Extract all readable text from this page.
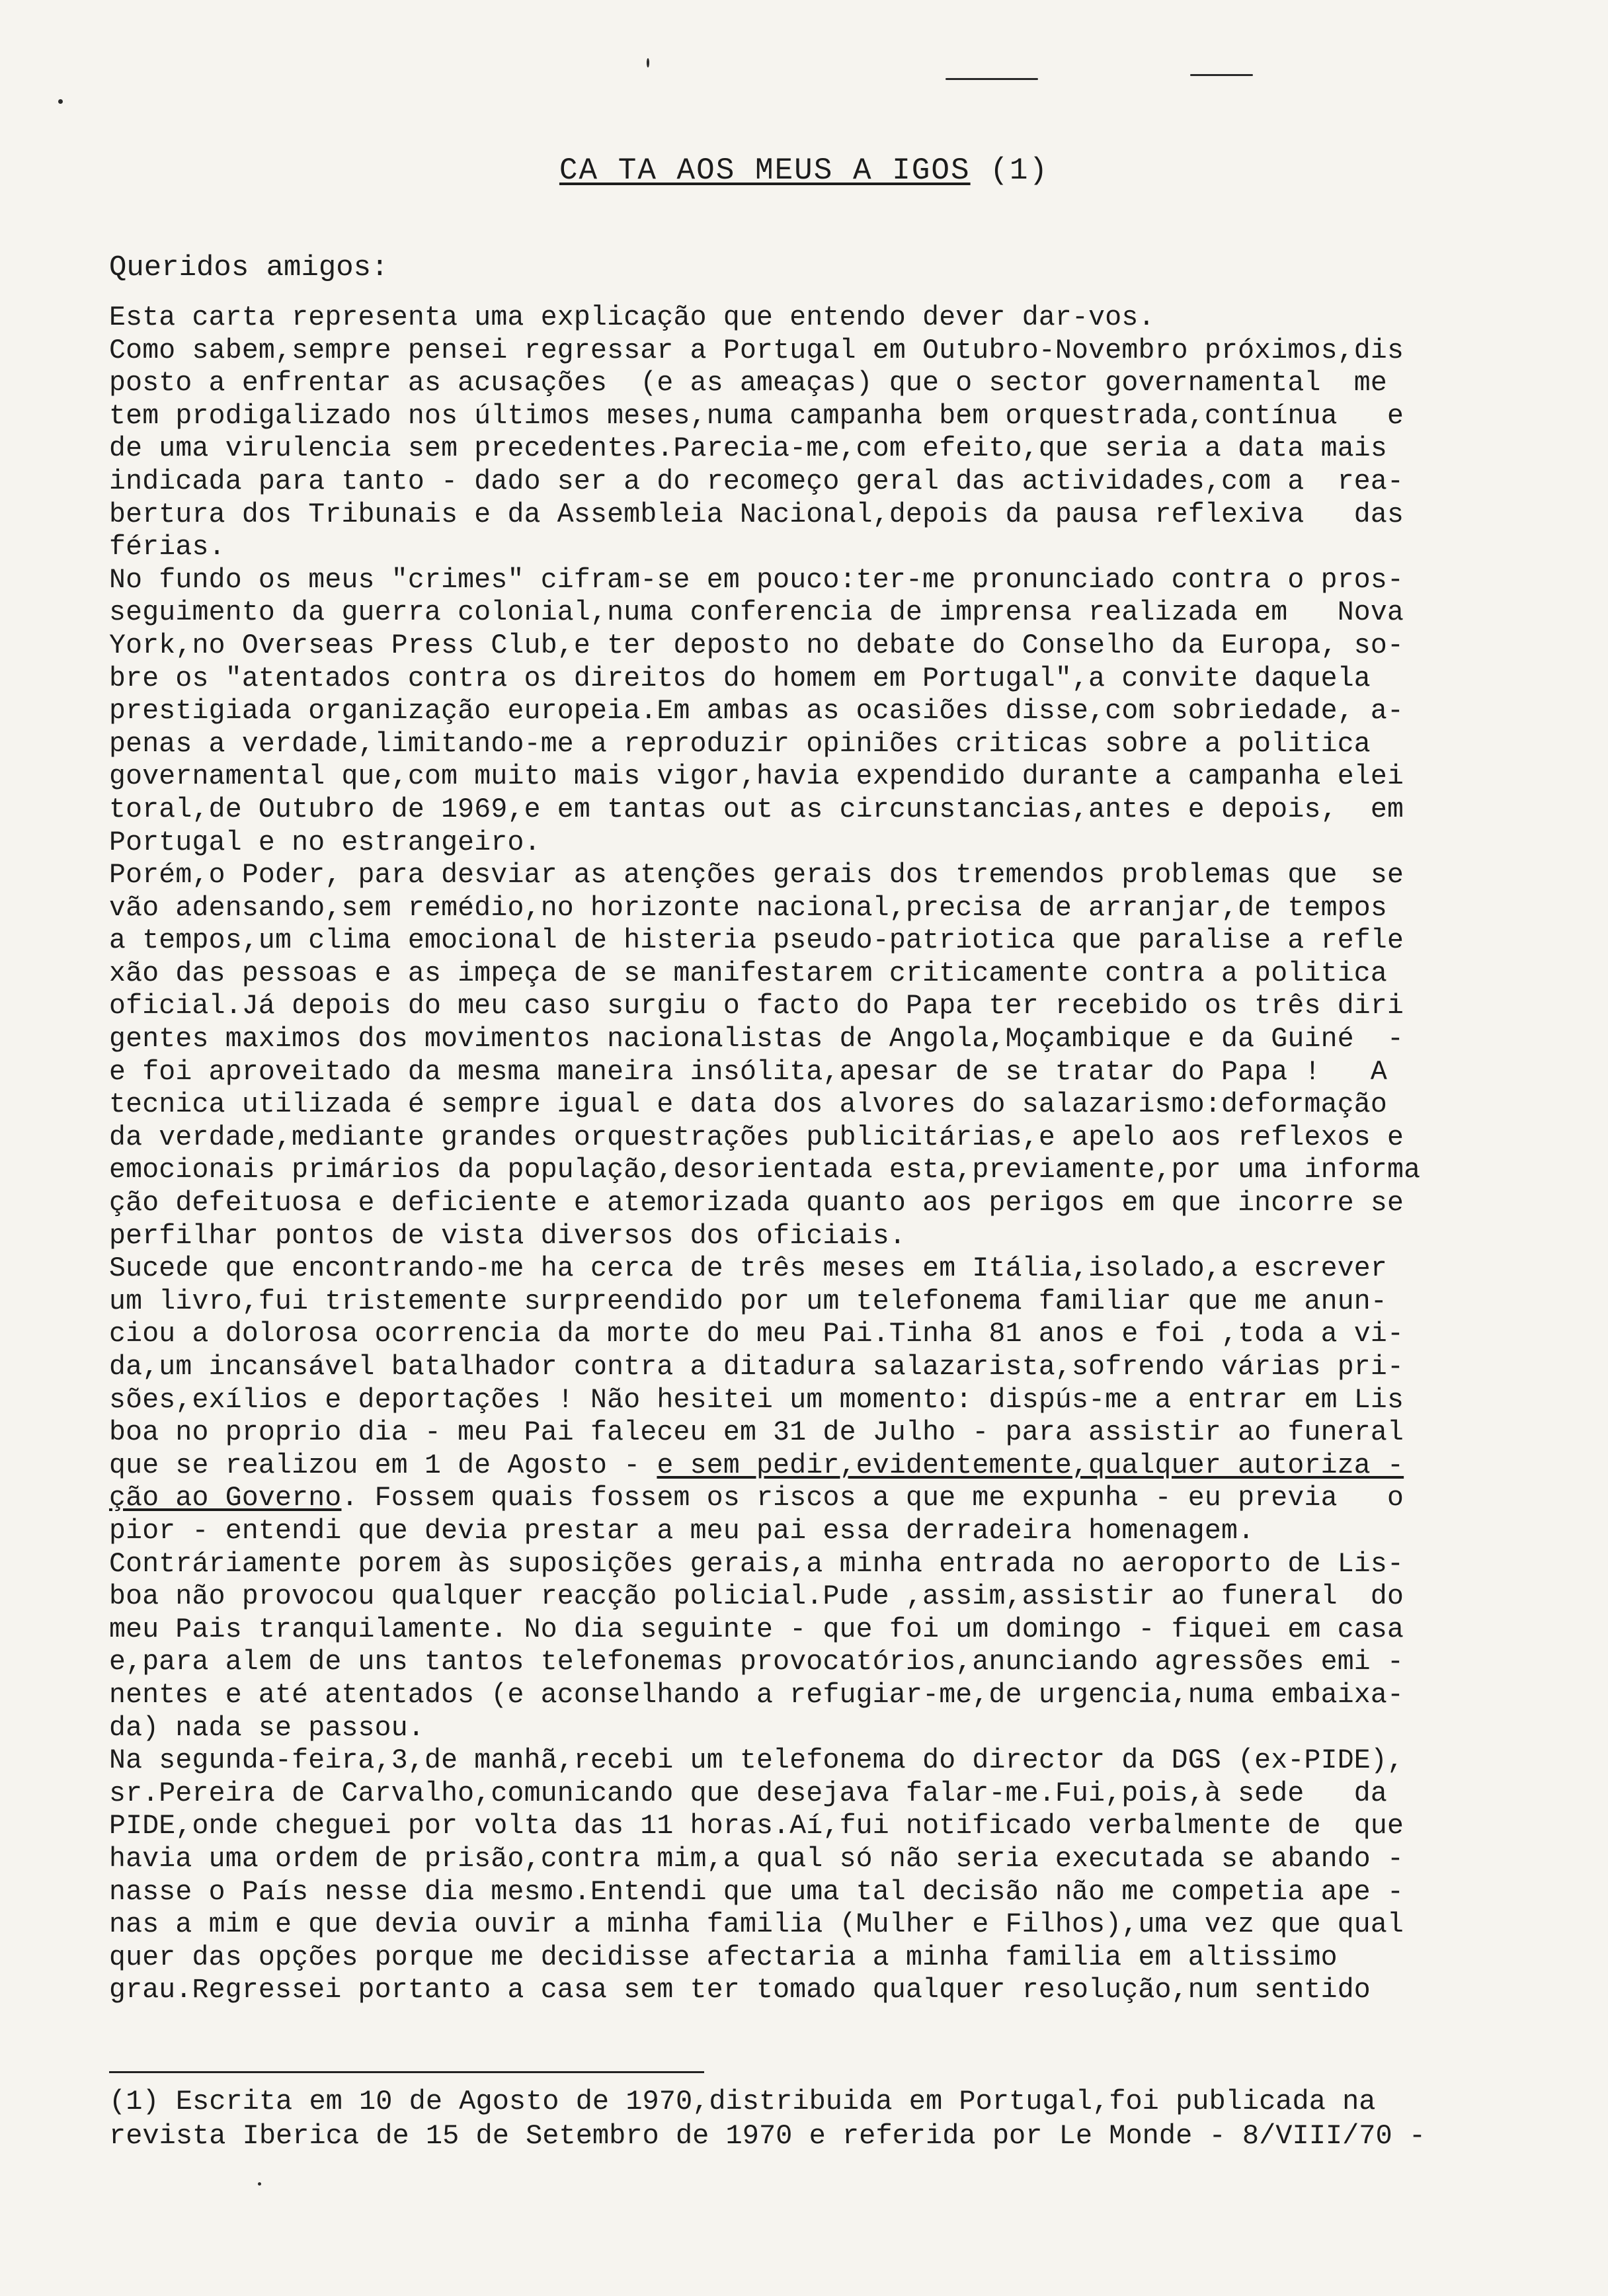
CA TA AOS MEUS A IGOS (1)
Queridos amigos:
Esta carta representa uma explicação que entendo dever dar-vos.
Como sabem,sempre pensei regressar a Portugal em Outubro-Novembro próximos,dis
posto a enfrentar as acusações  (e as ameaças) que o sector governamental  me
tem prodigalizado nos últimos meses,numa campanha bem orquestrada,contínua   e
de uma virulencia sem precedentes.Parecia-me,com efeito,que seria a data mais
indicada para tanto - dado ser a do recomeço geral das actividades,com a  rea-
bertura dos Tribunais e da Assembleia Nacional,depois da pausa reflexiva   das
férias.
No fundo os meus "crimes" cifram-se em pouco:ter-me pronunciado contra o pros-
seguimento da guerra colonial,numa conferencia de imprensa realizada em   Nova
York,no Overseas Press Club,e ter deposto no debate do Conselho da Europa, so-
bre os "atentados contra os direitos do homem em Portugal",a convite daquela
prestigiada organização europeia.Em ambas as ocasiões disse,com sobriedade, a-
penas a verdade,limitando-me a reproduzir opiniões criticas sobre a politica
governamental que,com muito mais vigor,havia expendido durante a campanha elei
toral,de Outubro de 1969,e em tantas out as circunstancias,antes e depois,  em
Portugal e no estrangeiro.
Porém,o Poder, para desviar as atenções gerais dos tremendos problemas que  se
vão adensando,sem remédio,no horizonte nacional,precisa de arranjar,de tempos
a tempos,um clima emocional de histeria pseudo-patriotica que paralise a refle
xão das pessoas e as impeça de se manifestarem criticamente contra a politica
oficial.Já depois do meu caso surgiu o facto do Papa ter recebido os três diri
gentes maximos dos movimentos nacionalistas de Angola,Moçambique e da Guiné  -
e foi aproveitado da mesma maneira insólita,apesar de se tratar do Papa !   A
tecnica utilizada é sempre igual e data dos alvores do salazarismo:deformação
da verdade,mediante grandes orquestrações publicitárias,e apelo aos reflexos e
emocionais primários da população,desorientada esta,previamente,por uma informa
ção defeituosa e deficiente e atemorizada quanto aos perigos em que incorre se
perfilhar pontos de vista diversos dos oficiais.
Sucede que encontrando-me ha cerca de três meses em Itália,isolado,a escrever
um livro,fui tristemente surpreendido por um telefonema familiar que me anun-
ciou a dolorosa ocorrencia da morte do meu Pai.Tinha 81 anos e foi ,toda a vi-
da,um incansável batalhador contra a ditadura salazarista,sofrendo várias pri-
sões,exílios e deportações ! Não hesitei um momento: dispús-me a entrar em Lis
boa no proprio dia - meu Pai faleceu em 31 de Julho - para assistir ao funeral
que se realizou em 1 de Agosto - e sem pedir,evidentemente,qualquer autoriza -
ção ao Governo. Fossem quais fossem os riscos a que me expunha - eu previa   o
pior - entendi que devia prestar a meu pai essa derradeira homenagem.
Contráriamente porem às suposições gerais,a minha entrada no aeroporto de Lis-
boa não provocou qualquer reacção policial.Pude ,assim,assistir ao funeral  do
meu Pais tranquilamente. No dia seguinte - que foi um domingo - fiquei em casa
e,para alem de uns tantos telefonemas provocatórios,anunciando agressões emi -
nentes e até atentados (e aconselhando a refugiar-me,de urgencia,numa embaixa-
da) nada se passou.
Na segunda-feira,3,de manhã,recebi um telefonema do director da DGS (ex-PIDE),
sr.Pereira de Carvalho,comunicando que desejava falar-me.Fui,pois,à sede   da
PIDE,onde cheguei por volta das 11 horas.Aí,fui notificado verbalmente de  que
havia uma ordem de prisão,contra mim,a qual só não seria executada se abando -
nasse o País nesse dia mesmo.Entendi que uma tal decisão não me competia ape -
nas a mim e que devia ouvir a minha familia (Mulher e Filhos),uma vez que qual
quer das opções porque me decidisse afectaria a minha familia em altissimo
grau.Regressei portanto a casa sem ter tomado qualquer resolução,num sentido
(1) Escrita em 10 de Agosto de 1970,distribuida em Portugal,foi publicada na
revista Iberica de 15 de Setembro de 1970 e referida por Le Monde - 8/VIII/70 -
